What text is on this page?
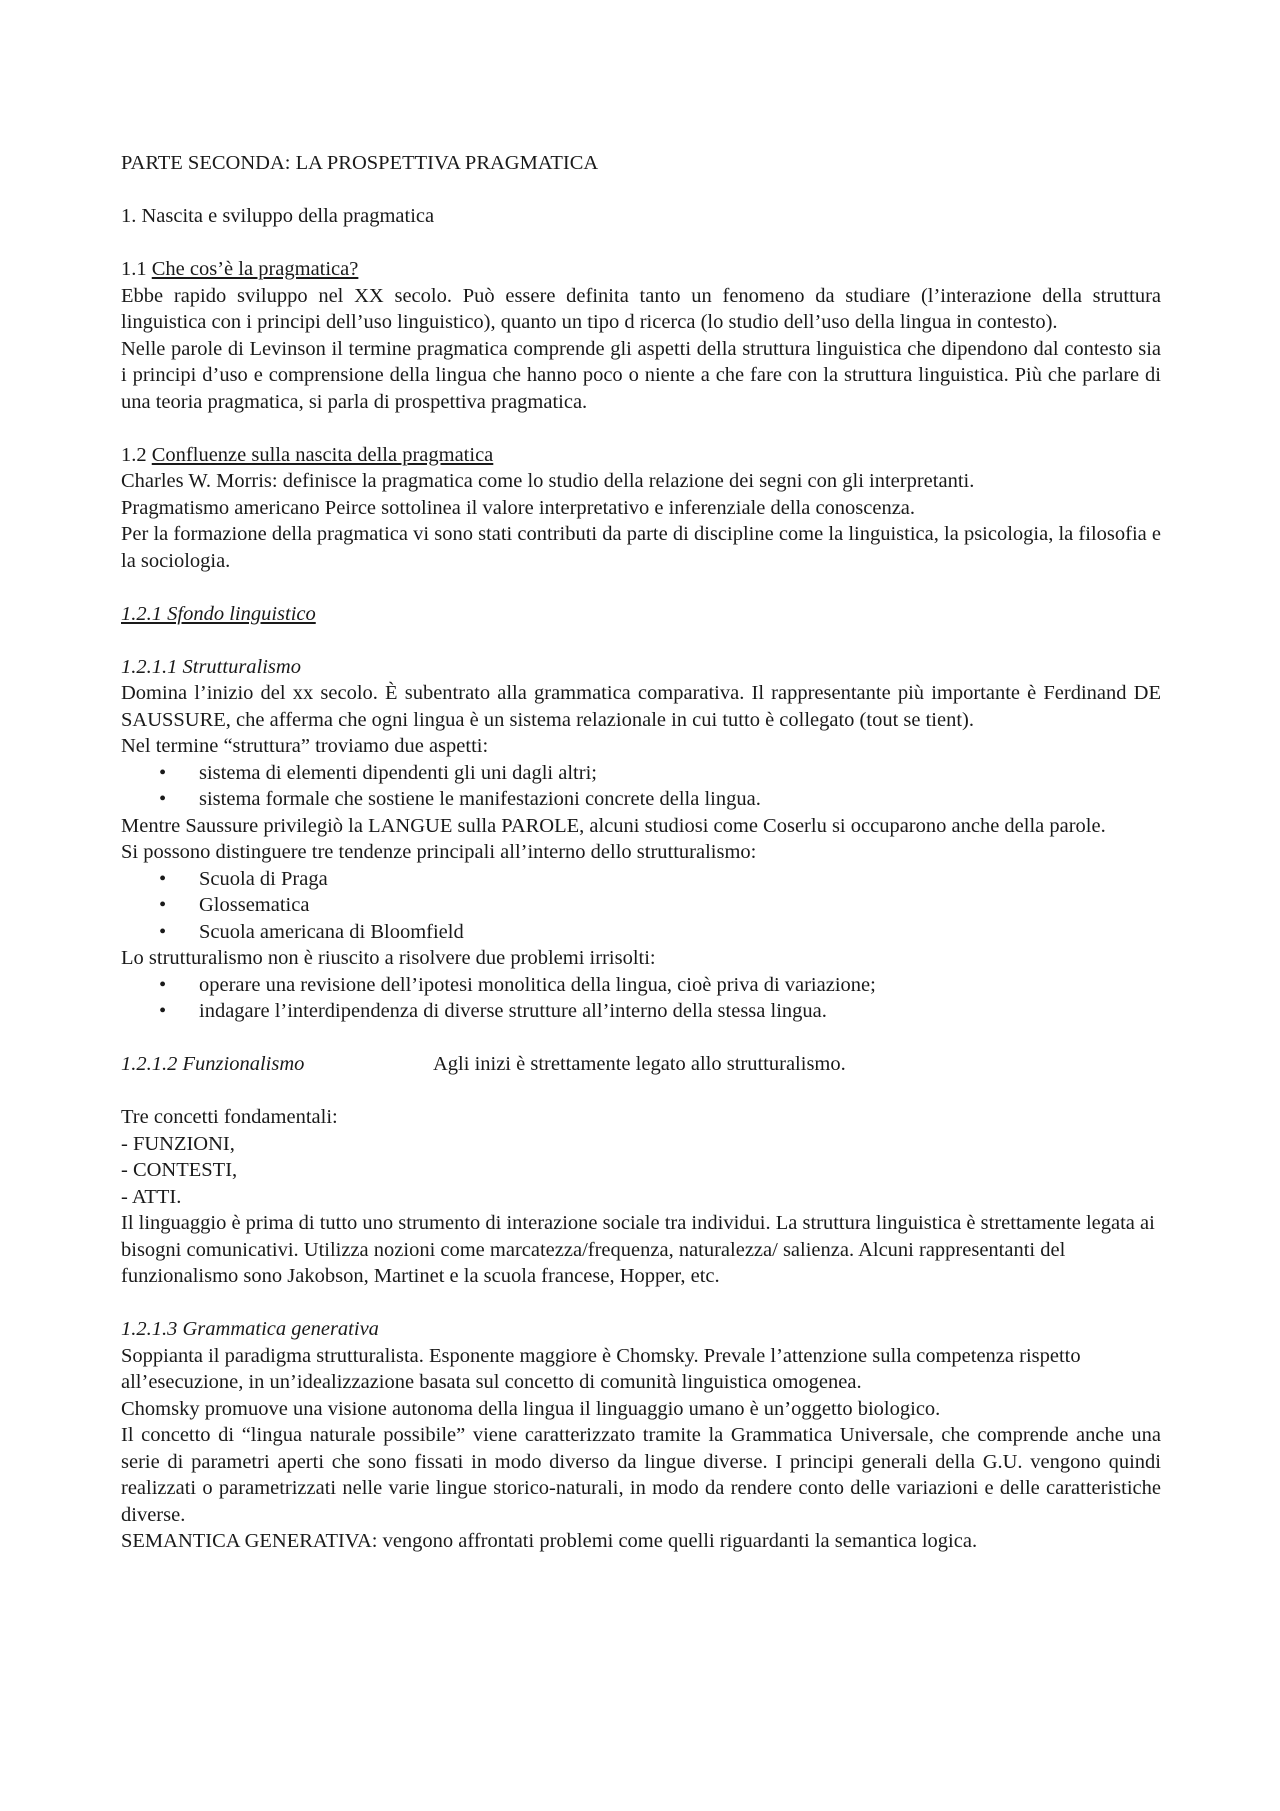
PARTE SECONDA: LA PROSPETTIVA PRAGMATICA

1. Nascita e sviluppo della pragmatica

1.1 Che cos’è la pragmatica?

Ebbe rapido sviluppo nel XX secolo. Può essere definita tanto un fenomeno da studiare (l’interazione della struttura linguistica con i principi dell’uso linguistico), quanto un tipo d ricerca (lo studio dell’uso della lingua in contesto).

Nelle parole di Levinson il termine pragmatica comprende gli aspetti della struttura linguistica che dipendono dal contesto sia i principi d’uso e comprensione della lingua che hanno poco o niente a che fare con la struttura linguistica. Più che parlare di una teoria pragmatica, si parla di prospettiva pragmatica.

1.2 Confluenze sulla nascita della pragmatica

Charles W. Morris: definisce la pragmatica come lo studio della relazione dei segni con gli interpretanti.

Pragmatismo americano Peirce sottolinea il valore interpretativo e inferenziale della conoscenza.

Per la formazione della pragmatica vi sono stati contributi da parte di discipline come la linguistica, la psicologia, la filosofia e la sociologia.

1.2.1 Sfondo linguistico

1.2.1.1 Strutturalismo

Domina l’inizio del xx secolo. È subentrato alla grammatica comparativa. Il rappresentante più importante è Ferdinand DE SAUSSURE, che afferma che ogni lingua è un sistema relazionale in cui tutto è collegato (tout se tient).

Nel termine “struttura” troviamo due aspetti:

• sistema di elementi dipendenti gli uni dagli altri;
• sistema formale che sostiene le manifestazioni concrete della lingua.

Mentre Saussure privilegiò la LANGUE sulla PAROLE, alcuni studiosi come Coserlu si occuparono anche della parole.

Si possono distinguere tre tendenze principali all’interno dello strutturalismo:

• Scuola di Praga
• Glossematica
• Scuola americana di Bloomfield

Lo strutturalismo non è riuscito a risolvere due problemi irrisolti:

• operare una revisione dell’ipotesi monolitica della lingua, cioè priva di variazione;
• indagare l’interdipendenza di diverse strutture all’interno della stessa lingua.
1.2.1.2 Funzionalismo	Agli inizi è strettamente legato allo strutturalismo.

Tre concetti fondamentali:

- FUNZIONI,

- CONTESTI,

- ATTI.

Il linguaggio è prima di tutto uno strumento di interazione sociale tra individui. La struttura linguistica è strettamente legata ai bisogni comunicativi. Utilizza nozioni come marcatezza/frequenza, naturalezza/ salienza. Alcuni rappresentanti del funzionalismo sono Jakobson, Martinet e la scuola francese, Hopper, etc.

1.2.1.3 Grammatica generativa

Soppianta il paradigma strutturalista. Esponente maggiore è Chomsky. Prevale l’attenzione sulla competenza rispetto all’esecuzione, in un’idealizzazione basata sul concetto di comunità linguistica omogenea.

Chomsky promuove una visione autonoma della lingua il linguaggio umano è un’oggetto biologico.

Il concetto di “lingua naturale possibile” viene caratterizzato tramite la Grammatica Universale, che comprende anche una serie di parametri aperti che sono fissati in modo diverso da lingue diverse. I principi generali della G.U. vengono quindi realizzati o parametrizzati nelle varie lingue storico-naturali, in modo da rendere conto delle variazioni e delle caratteristiche diverse.

SEMANTICA GENERATIVA: vengono affrontati problemi come quelli riguardanti la semantica logica.
